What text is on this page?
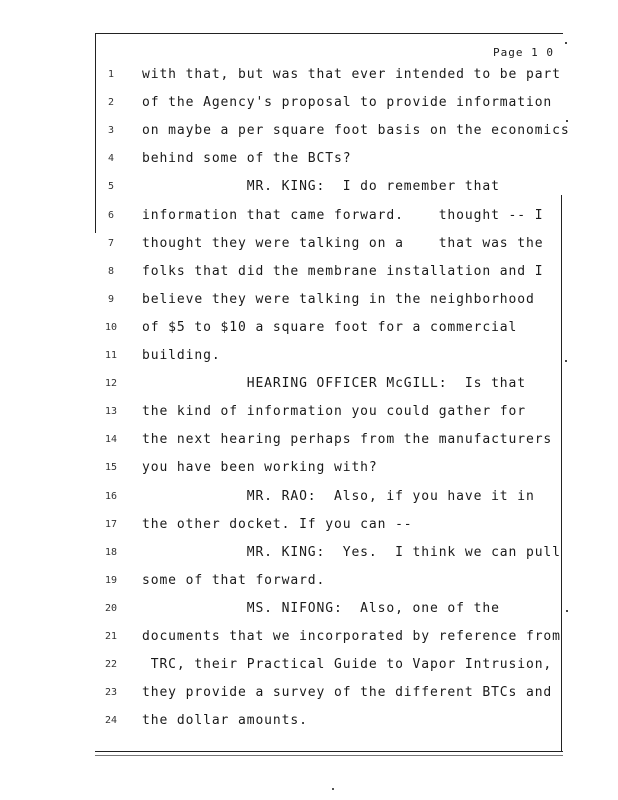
Page 1 0
1	with that, but was that ever intended to be part
2	of the Agency's proposal to provide information
3	on maybe a per square foot basis on the economics
4	behind some of the BCTs?
5	MR. KING:  I do remember that
6	information that came forward.    thought -- I
7	thought they were talking on a    that was the
8	folks that did the membrane installation and I
9	believe they were talking in the neighborhood
10	of $5 to $10 a square foot for a commercial
11	building.
12	HEARING OFFICER McGILL:  Is that
13	the kind of information you could gather for
14	the next hearing perhaps from the manufacturers
15	you have been working with?
16	MR. RAO:  Also, if you have it in
17	the other docket. If you can --
18	MR. KING:  Yes.  I think we can pull
19	some of that forward.
20	MS. NIFONG:  Also, one of the
21	documents that we incorporated by reference from
22	TRC, their Practical Guide to Vapor Intrusion,
23	they provide a survey of the different BTCs and
24	the dollar amounts.
